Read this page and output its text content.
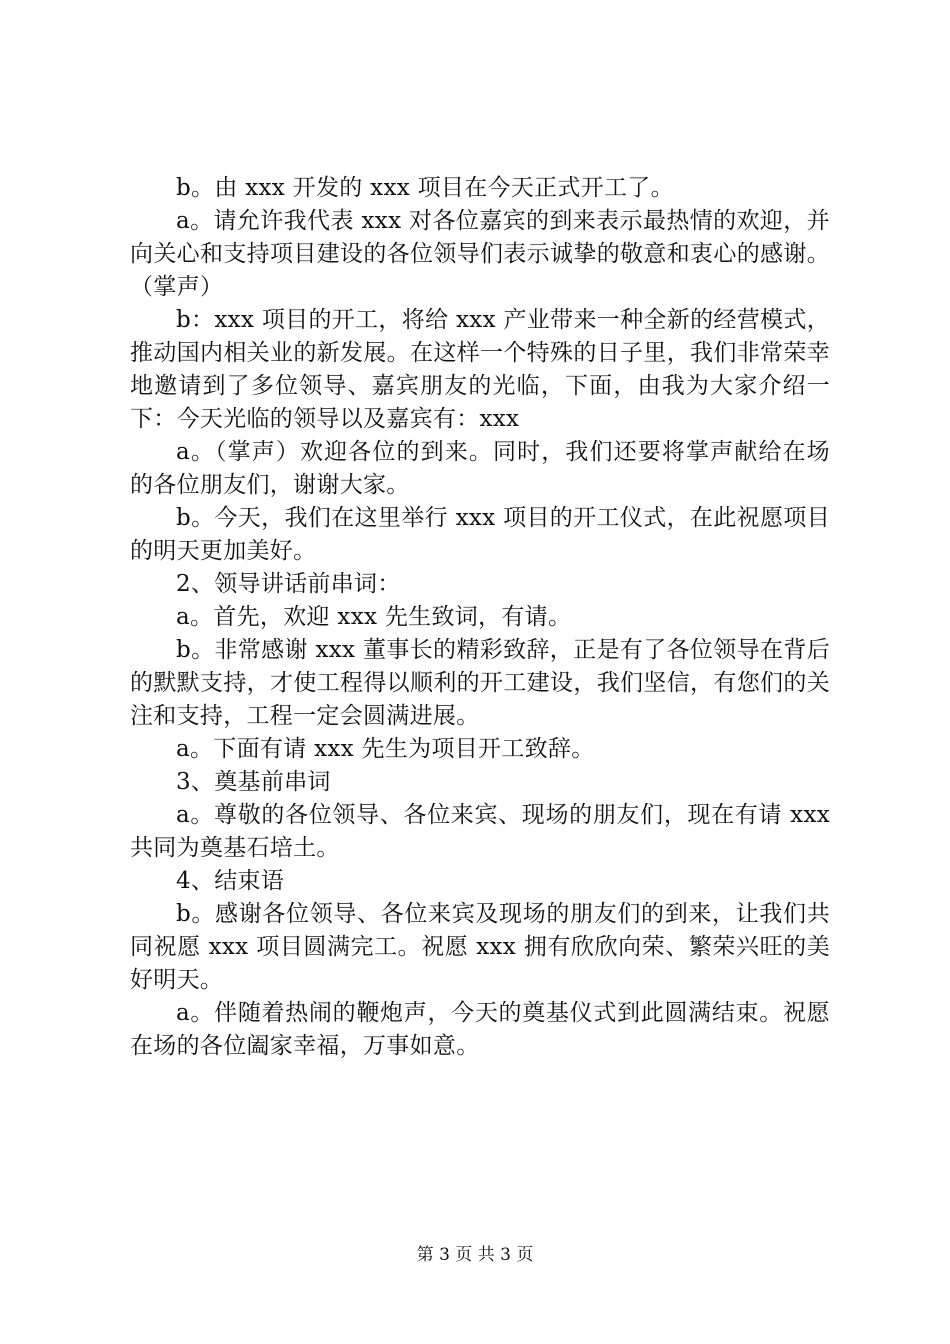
b。由 xxx 开发的 xxx 项目在今天正式开工了。

a。请允许我代表 xxx 对各位嘉宾的到来表示最热情的欢迎，并向关心和支持项目建设的各位领导们表示诚挚的敬意和衷心的感谢。（掌声）

b：xxx 项目的开工，将给 xxx 产业带来一种全新的经营模式，推动国内相关业的新发展。在这样一个特殊的日子里，我们非常荣幸地邀请到了多位领导、嘉宾朋友的光临，下面，由我为大家介绍一下：今天光临的领导以及嘉宾有：xxx

a。（掌声）欢迎各位的到来。同时，我们还要将掌声献给在场的各位朋友们，谢谢大家。

b。今天，我们在这里举行 xxx 项目的开工仪式，在此祝愿项目的明天更加美好。

2、领导讲话前串词：

a。首先，欢迎 xxx 先生致词，有请。

b。非常感谢 xxx 董事长的精彩致辞，正是有了各位领导在背后的默默支持，才使工程得以顺利的开工建设，我们坚信，有您们的关注和支持，工程一定会圆满进展。

a。下面有请 xxx 先生为项目开工致辞。

3、奠基前串词

a。尊敬的各位领导、各位来宾、现场的朋友们，现在有请 xxx 共同为奠基石培土。

4、结束语

b。感谢各位领导、各位来宾及现场的朋友们的到来，让我们共同祝愿 xxx 项目圆满完工。祝愿 xxx 拥有欣欣向荣、繁荣兴旺的美好明天。

a。伴随着热闹的鞭炮声，今天的奠基仪式到此圆满结束。祝愿在场的各位阖家幸福，万事如意。

第 3 页 共 3 页
